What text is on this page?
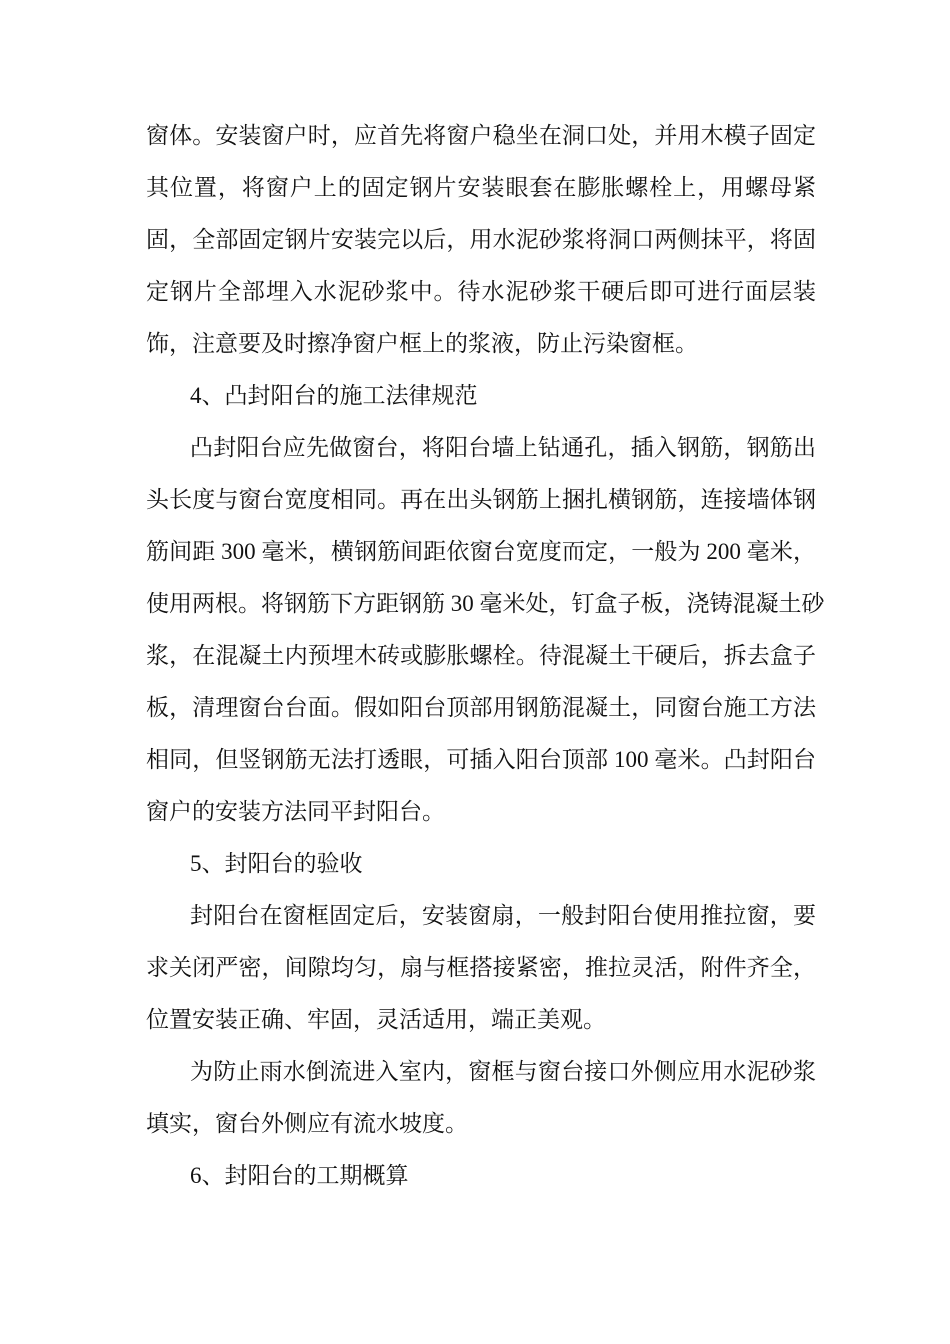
窗体。安装窗户时，应首先将窗户稳坐在洞口处，并用木模子固定
其位置，将窗户上的固定钢片安装眼套在膨胀螺栓上，用螺母紧
固，全部固定钢片安装完以后，用水泥砂浆将洞口两侧抹平，将固
定钢片全部埋入水泥砂浆中。待水泥砂浆干硬后即可进行面层装
饰，注意要及时擦净窗户框上的浆液，防止污染窗框。
4、凸封阳台的施工法律规范
凸封阳台应先做窗台，将阳台墙上钻通孔，插入钢筋，钢筋出
头长度与窗台宽度相同。再在出头钢筋上捆扎横钢筋，连接墙体钢
筋间距 300 毫米，横钢筋间距依窗台宽度而定，一般为 200 毫米，
使用两根。将钢筋下方距钢筋 30 毫米处，钉盒子板，浇铸混凝土砂
浆，在混凝土内预埋木砖或膨胀螺栓。待混凝土干硬后，拆去盒子
板，清理窗台台面。假如阳台顶部用钢筋混凝土，同窗台施工方法
相同，但竖钢筋无法打透眼，可插入阳台顶部 100 毫米。凸封阳台
窗户的安装方法同平封阳台。
5、封阳台的验收
封阳台在窗框固定后，安装窗扇，一般封阳台使用推拉窗，要
求关闭严密，间隙均匀，扇与框搭接紧密，推拉灵活，附件齐全，
位置安装正确、牢固，灵活适用，端正美观。
为防止雨水倒流进入室内，窗框与窗台接口外侧应用水泥砂浆
填实，窗台外侧应有流水坡度。
6、封阳台的工期概算
